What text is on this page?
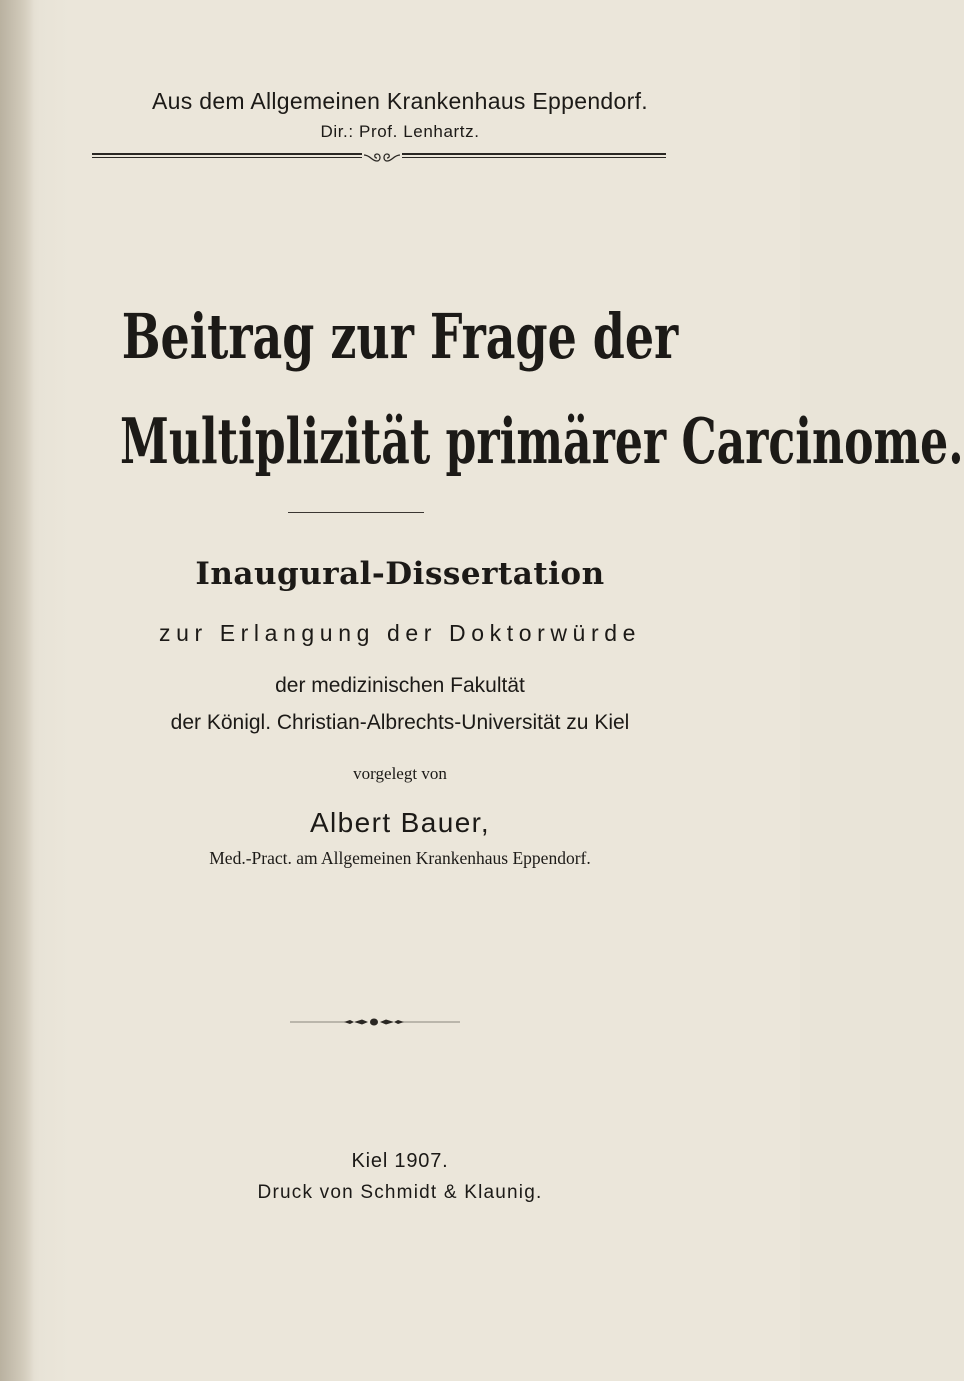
Aus dem Allgemeinen Krankenhaus Eppendorf.
Dir.: Prof. Lenhartz.
Beitrag zur Frage der
Multiplizität primärer Carcinome.
Inaugural-Dissertation
zur Erlangung der Doktorwürde
der medizinischen Fakultät
der Königl. Christian-Albrechts-Universität zu Kiel
vorgelegt von
Albert Bauer,
Med.-Pract. am Allgemeinen Krankenhaus Eppendorf.
Kiel 1907.
Druck von Schmidt & Klaunig.
